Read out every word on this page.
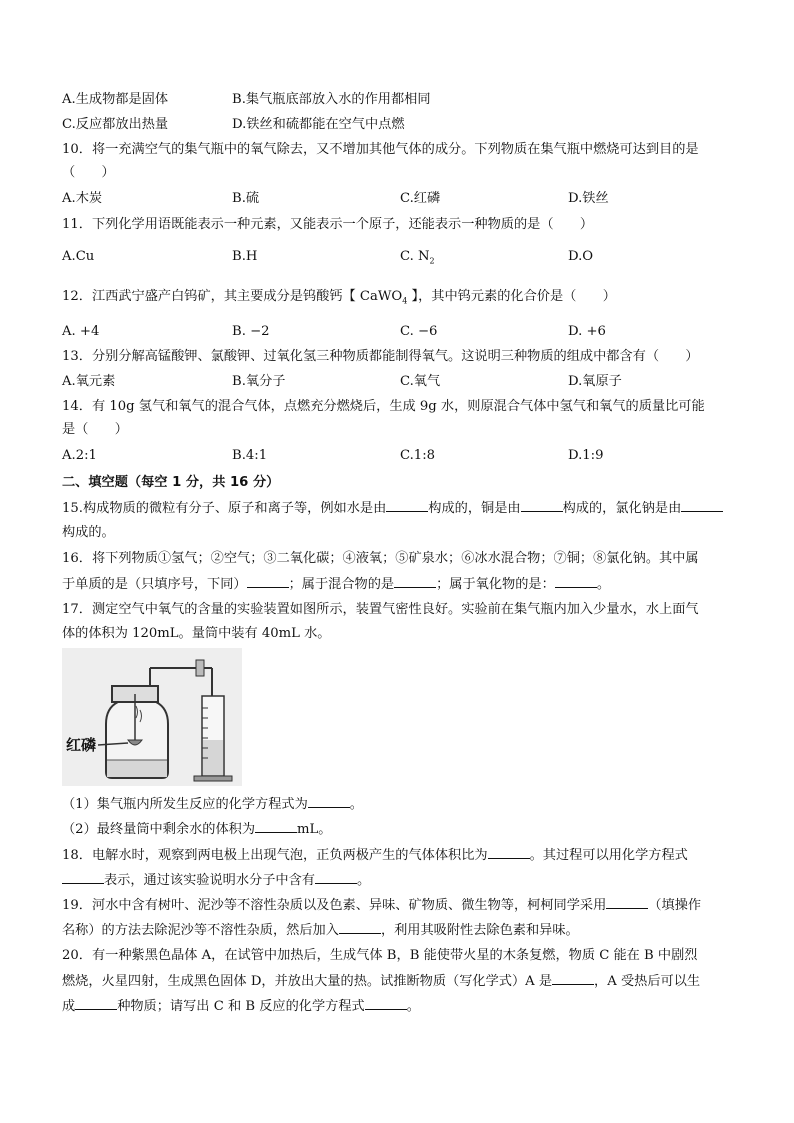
A.生成物都是固体	B.集气瓶底部放入水的作用都相同
C.反应都放出热量	D.铁丝和硫都能在空气中点燃
10．将一充满空气的集气瓶中的氧气除去，又不增加其他气体的成分。下列物质在集气瓶中燃烧可达到目的是
（　　）
A.木炭	B.硫	C.红磷	D.铁丝
11．下列化学用语既能表示一种元素，又能表示一个原子，还能表示一种物质的是（　　）
A.Cu	B.H	C. $N_2$	D.O
12．江西武宁盛产白钨矿，其主要成分是钨酸钙【 CaWO$_4$ 】，其中钨元素的化合价是（　　）
A. +4	B. −2	C. −6	D. +6
13．分别分解高锰酸钾、氯酸钾、过氧化氢三种物质都能制得氧气。这说明三种物质的组成中都含有（　　）
A.氧元素	B.氧分子	C.氧气	D.氧原子
14．有 10g 氢气和氧气的混合气体，点燃充分燃烧后，生成 9g 水，则原混合气体中氢气和氧气的质量比可能
是（　　）
A.2:1	B.4:1	C.1:8	D.1:9
二、填空题（每空 1 分，共 16 分）
15.构成物质的微粒有分子、原子和离子等，例如水是由	构成的，铜是由	构成的，氯化钠是由
构成的。
16．将下列物质①氢气；②空气；③二氧化碳；④液氧；⑤矿泉水；⑥冰水混合物；⑦铜；⑧氯化钠。其中属
于单质的是（只填序号，下同）	；属于混合物的是	；属于氧化物的是：	。
17．测定空气中氧气的含量的实验装置如图所示，装置气密性良好。实验前在集气瓶内加入少量水，水上面气
体的体积为 120mL。量筒中装有 40mL 水。
红磷
（1）集气瓶内所发生反应的化学方程式为	。
（2）最终量筒中剩余水的体积为	mL。
18．电解水时，观察到两电极上出现气泡，正负两极产生的气体体积比为	。其过程可以用化学方程式
表示，通过该实验说明水分子中含有	。
19．河水中含有树叶、泥沙等不溶性杂质以及色素、异味、矿物质、微生物等，柯柯同学采用	（填操作
名称）的方法去除泥沙等不溶性杂质，然后加入	，利用其吸附性去除色素和异味。
20．有一种紫黑色晶体 A，在试管中加热后，生成气体 B，B 能使带火星的木条复燃，物质 C 能在 B 中剧烈
燃烧，火星四射，生成黑色固体 D，并放出大量的热。试推断物质（写化学式）A 是	，A 受热后可以生
成	种物质；请写出 C 和 B 反应的化学方程式	。
